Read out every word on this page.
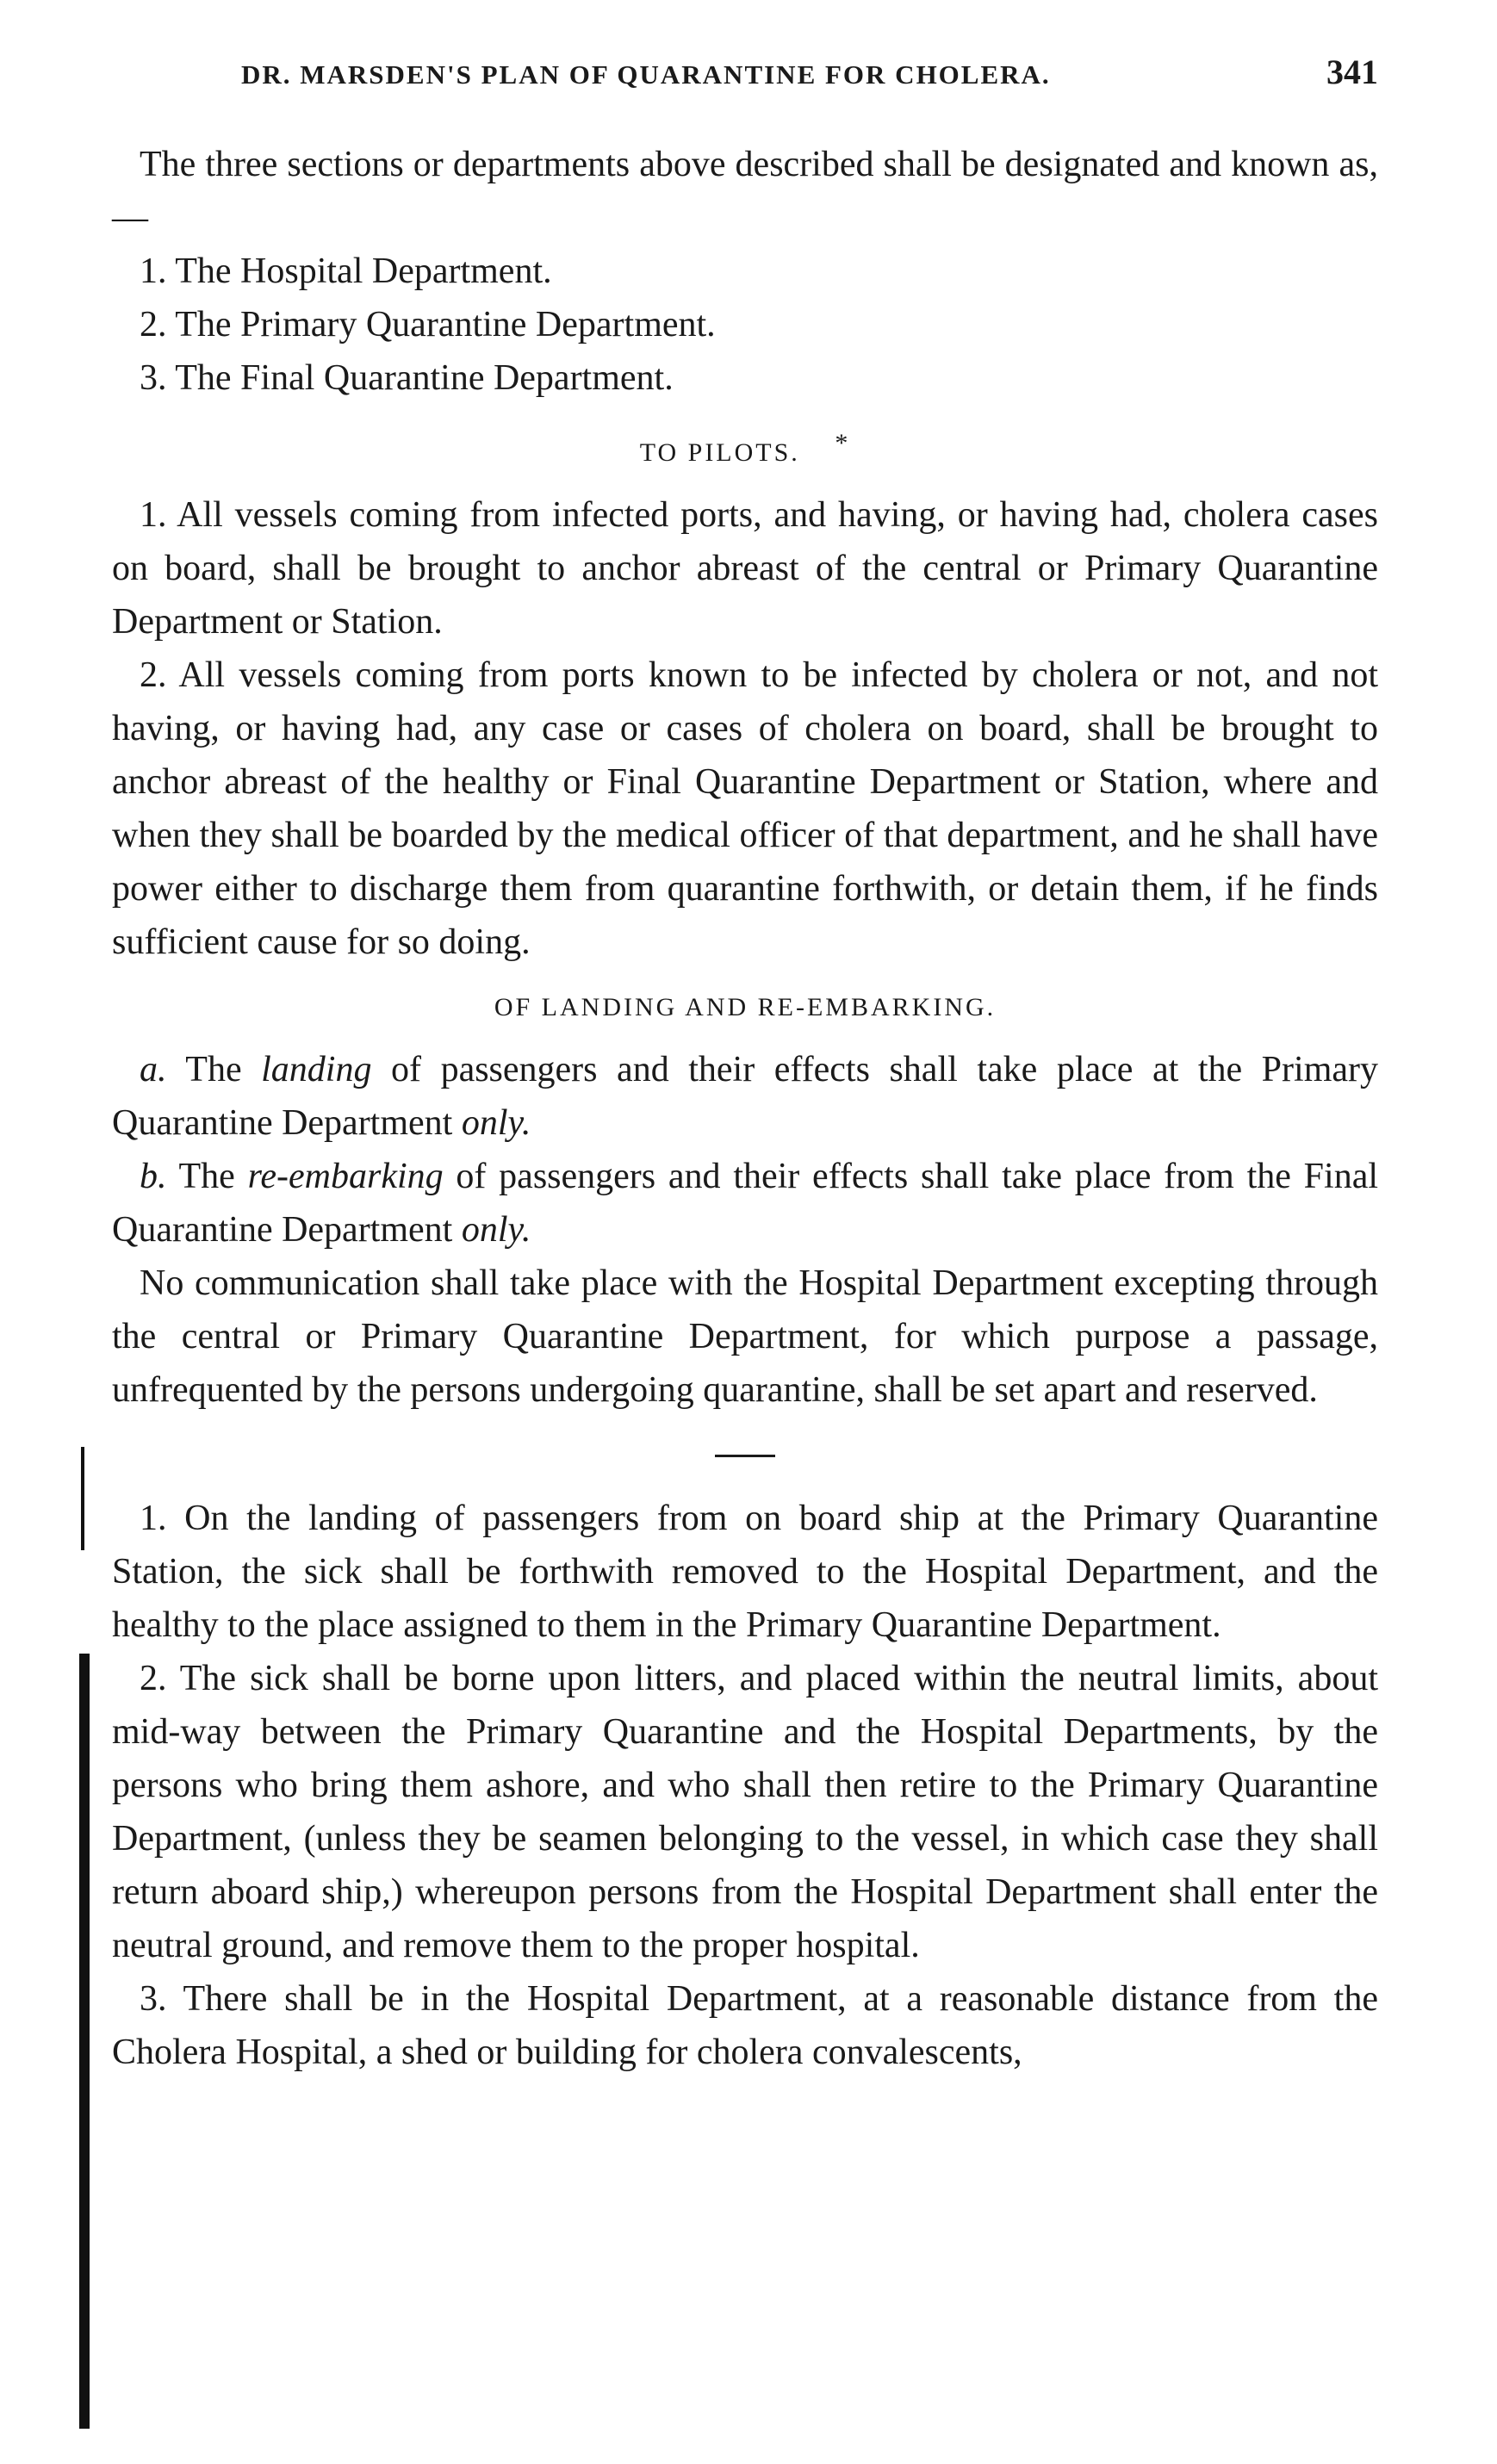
DR. MARSDEN'S PLAN OF QUARANTINE FOR CHOLERA.	341

The three sections or departments above described shall be designated and known as,—

1. The Hospital Department.
2. The Primary Quarantine Department.
3. The Final Quarantine Department.
TO PILOTS. *

1. All vessels coming from infected ports, and having, or having had, cholera cases on board, shall be brought to anchor abreast of the central or Primary Quarantine Department or Station.

2. All vessels coming from ports known to be infected by cholera or not, and not having, or having had, any case or cases of cholera on board, shall be brought to anchor abreast of the healthy or Final Quarantine Department or Station, where and when they shall be boarded by the medical officer of that department, and he shall have power either to discharge them from quarantine forthwith, or detain them, if he finds sufficient cause for so doing.

OF LANDING AND RE-EMBARKING.

a. The landing of passengers and their effects shall take place at the Primary Quarantine Department only.

b. The re-embarking of passengers and their effects shall take place from the Final Quarantine Department only.

No communication shall take place with the Hospital Department excepting through the central or Primary Quarantine Department, for which purpose a passage, unfrequented by the persons undergoing quarantine, shall be set apart and reserved.

1. On the landing of passengers from on board ship at the Primary Quarantine Station, the sick shall be forthwith removed to the Hospital Department, and the healthy to the place assigned to them in the Primary Quarantine Department.

2. The sick shall be borne upon litters, and placed within the neutral limits, about mid-way between the Primary Quarantine and the Hospital Departments, by the persons who bring them ashore, and who shall then retire to the Primary Quarantine Department, (unless they be seamen belonging to the vessel, in which case they shall return aboard ship,) whereupon persons from the Hospital Department shall enter the neutral ground, and remove them to the proper hospital.

3. There shall be in the Hospital Department, at a reasonable distance from the Cholera Hospital, a shed or building for cholera convalescents,
